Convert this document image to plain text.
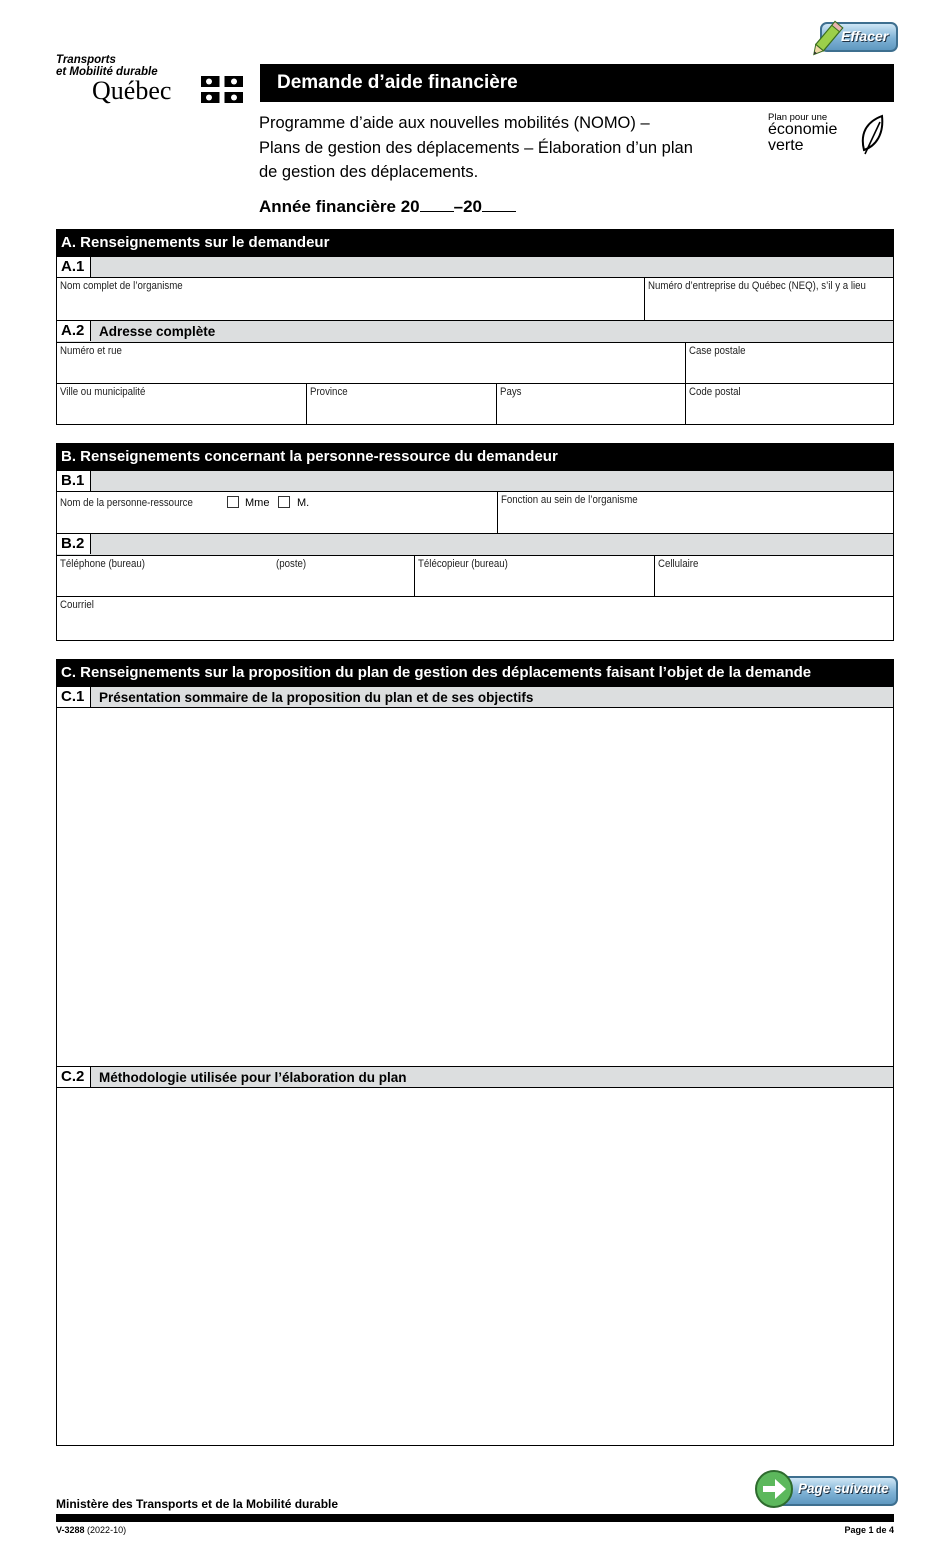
Effacer
Transports
et Mobilité durable
Québec	Demande d’aide financière
Programme d’aide aux nouvelles mobilités (NOMO) –
Plans de gestion des déplacements – Élaboration d’un plan
de gestion des déplacements.
Année financière 20 –20
Plan pour une
économie
verte
A. Renseignements sur le demandeur
A.1
Nom complet de l’organisme	Numéro d’entreprise du Québec (NEQ), s’il y a lieu
A.2	Adresse complète
Numéro et rue	Case postale
Ville ou municipalité	Province	Pays	Code postal
B. Renseignements concernant la personne-ressource du demandeur
B.1
Nom de la personne-ressource	Mme	M.	Fonction au sein de l’organisme
B.2
Téléphone (bureau)	(poste)	Télécopieur (bureau)	Cellulaire
Courriel
C. Renseignements sur la proposition du plan de gestion des déplacements faisant l’objet de la demande
C.1	Présentation sommaire de la proposition du plan et de ses objectifs
C.2	Méthodologie utilisée pour l’élaboration du plan
Page suivante
Ministère des Transports et de la Mobilité durable
V-3288 (2022-10)	Page 1 de 4
